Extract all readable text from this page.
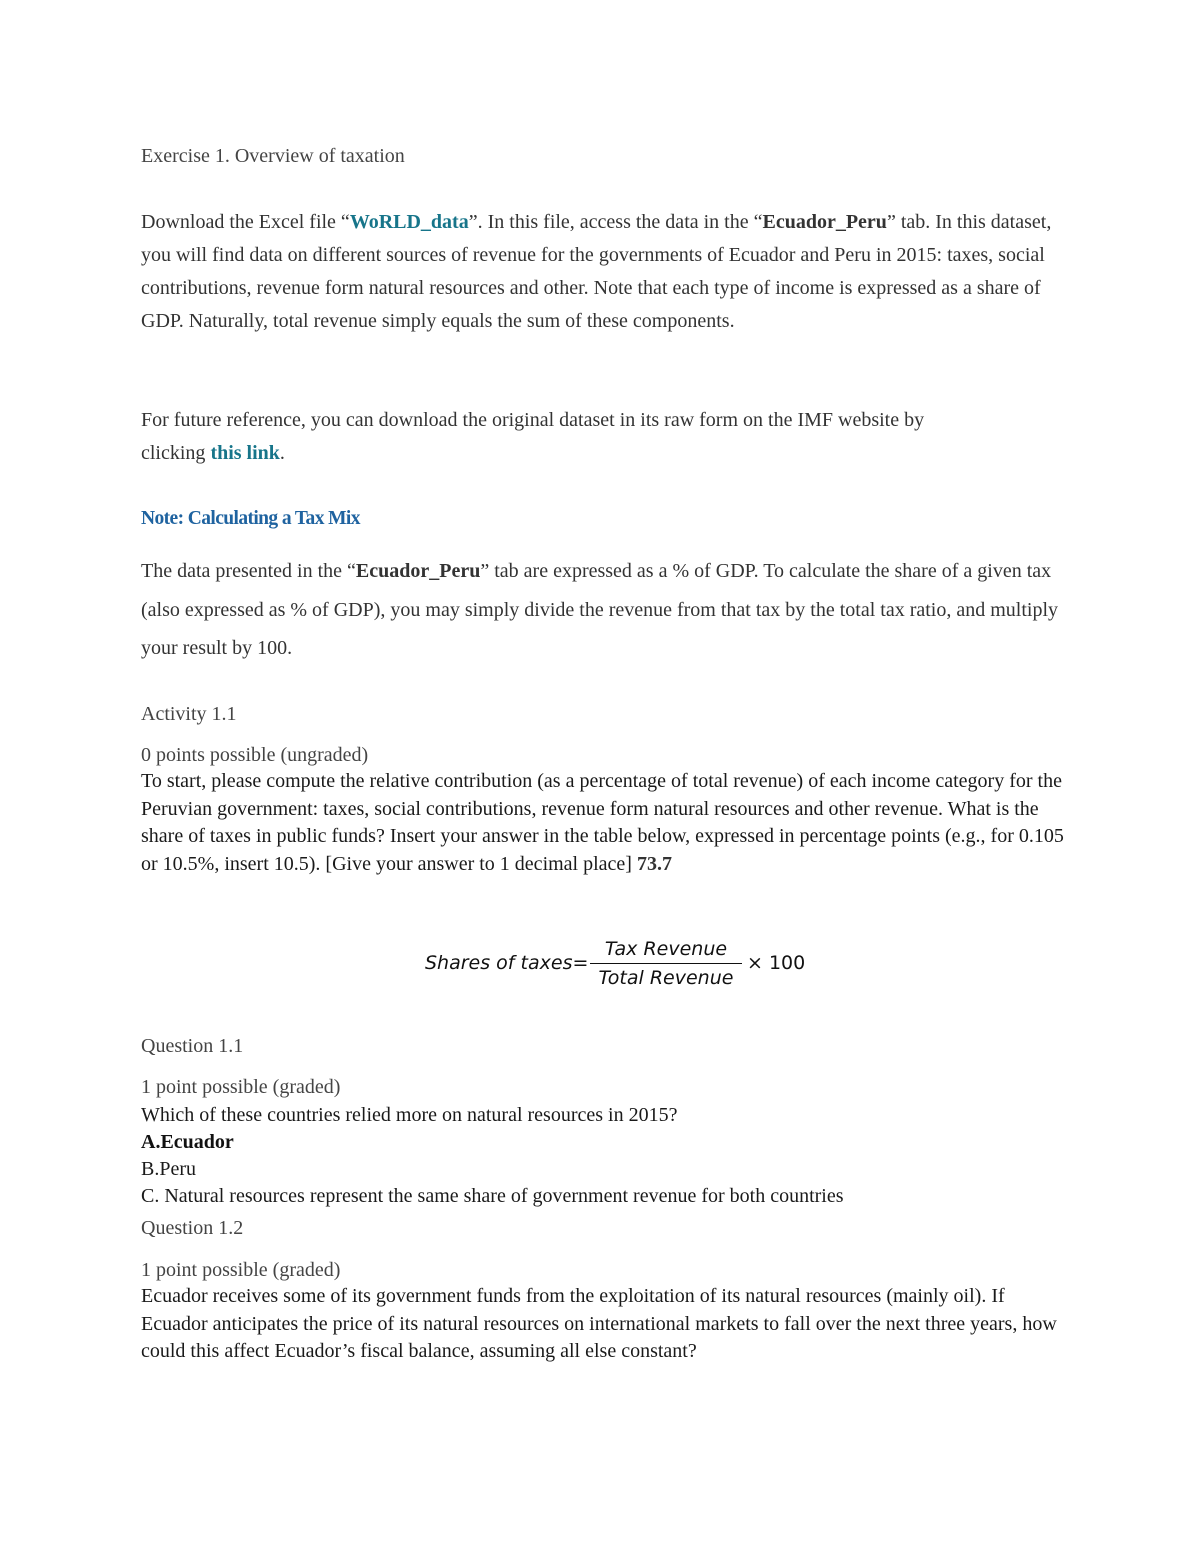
Exercise 1. Overview of taxation

Download the Excel file “WoRLD_data”. In this file, access the data in the “Ecuador_Peru” tab. In this dataset, you will find data on different sources of revenue for the governments of Ecuador and Peru in 2015: taxes, social contributions, revenue form natural resources and other. Note that each type of income is expressed as a share of GDP. Naturally, total revenue simply equals the sum of these components.

For future reference, you can download the original dataset in its raw form on the IMF website by clicking this link.

Note: Calculating a Tax Mix

The data presented in the “Ecuador_Peru” tab are expressed as a % of GDP. To calculate the share of a given tax (also expressed as % of GDP), you may simply divide the revenue from that tax by the total tax ratio, and multiply your result by 100.

Activity 1.1
0 points possible (ungraded)

To start, please compute the relative contribution (as a percentage of total revenue) of each income category for the Peruvian government: taxes, social contributions, revenue form natural resources and other revenue. What is the share of taxes in public funds? Insert your answer in the table below, expressed in percentage points (e.g., for 0.105 or 10.5%, insert 10.5). [Give your answer to 1 decimal place] 73.7

Shares of taxes=
Tax Revenue
Total Revenue
× 100
Question 1.1
1 point possible (graded)
Which of these countries relied more on natural resources in 2015?
A.Ecuador
B.Peru
C. Natural resources represent the same share of government revenue for both countries
Question 1.2
1 point possible (graded)

Ecuador receives some of its government funds from the exploitation of its natural resources (mainly oil). If Ecuador anticipates the price of its natural resources on international markets to fall over the next three years, how could this affect Ecuador’s fiscal balance, assuming all else constant?
